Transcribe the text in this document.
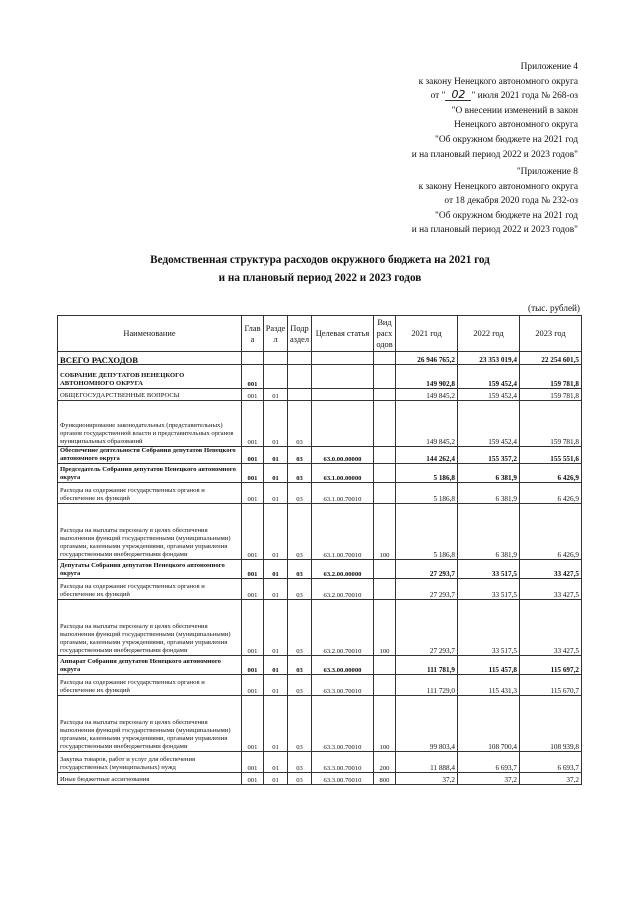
Приложение 4
к закону Ненецкого автономного округа
от " 02 " июля 2021 года № 268-оз
"О внесении изменений в закон
Ненецкого автономного округа
"Об окружном бюджете на 2021 год
и на плановый период 2022 и 2023 годов"
"Приложение 8
к закону Ненецкого автономного округа
от 18 декабря 2020 года № 232-оз
"Об окружном бюджете на 2021 год
и на плановый период 2022 и 2023 годов"
Ведомственная структура расходов окружного бюджета на 2021 год
и на плановый период 2022 и 2023 годов
(тыс. рублей)
Наименование	Глав а	Разде л	Подр аздел	Целевая статья	Вид расх одов	2021 год	2022 год	2023 год
ВСЕГО РАСХОДОВ						26 946 765,2	23 353 019,4	22 254 601,5
СОБРАНИЕ ДЕПУТАТОВ НЕНЕЦКОГО АВТОНОМНОГО ОКРУГА	001					149 902,8	159 452,4	159 781,8
ОБЩЕГОСУДАРСТВЕННЫЕ ВОПРОСЫ	001	01				149 845,2	159 452,4	159 781,8
Функционирование законодательных (представительных) органов государственной власти и представительных органов муниципальных образований	001	01	03			149 845,2	159 452,4	159 781,8
Обеспечение деятельности Собрания депутатов Ненецкого автономного округа	001	01	03	63.0.00.00000		144 262,4	155 357,2	155 551,6
Председатель Собрания депутатов Ненецкого автономного округа	001	01	03	63.1.00.00000		5 186,8	6 381,9	6 426,9
Расходы на содержание государственных органов и обеспечение их функций	001	01	03	63.1.00.70010		5 186,8	6 381,9	6 426,9
Расходы на выплаты персоналу в целях обеспечения выполнения функций государственными (муниципальными) органами, казенными учреждениями, органами управления государственными внебюджетными фондами	001	01	03	63.1.00.70010	100	5 186,8	6 381,9	6 426,9
Депутаты Собрания депутатов Ненецкого автономного округа	001	01	03	63.2.00.00000		27 293,7	33 517,5	33 427,5
Расходы на содержание государственных органов и обеспечение их функций	001	01	03	63.2.00.70010		27 293,7	33 517,5	33 427,5
Расходы на выплаты персоналу в целях обеспечения выполнения функций государственными (муниципальными) органами, казенными учреждениями, органами управления государственными внебюджетными фондами	001	01	03	63.2.00.70010	100	27 293,7	33 517,5	33 427,5
Аппарат Собрания депутатов Ненецкого автономного округа	001	01	03	63.3.00.00000		111 781,9	115 457,8	115 697,2
Расходы на содержание государственных органов и обеспечение их функций	001	01	03	63.3.00.70010		111 729,0	115 431,3	115 670,7
Расходы на выплаты персоналу в целях обеспечения выполнения функций государственными (муниципальными) органами, казенными учреждениями, органами управления государственными внебюджетными фондами	001	01	03	63.3.00.70010	100	99 803,4	108 700,4	108 939,8
Закупка товаров, работ и услуг для обеспечения государственных (муниципальных) нужд	001	01	03	63.3.00.70010	200	11 888,4	6 693,7	6 693,7
Иные бюджетные ассигнования	001	01	03	63.3.00.70010	800	37,2	37,2	37,2
